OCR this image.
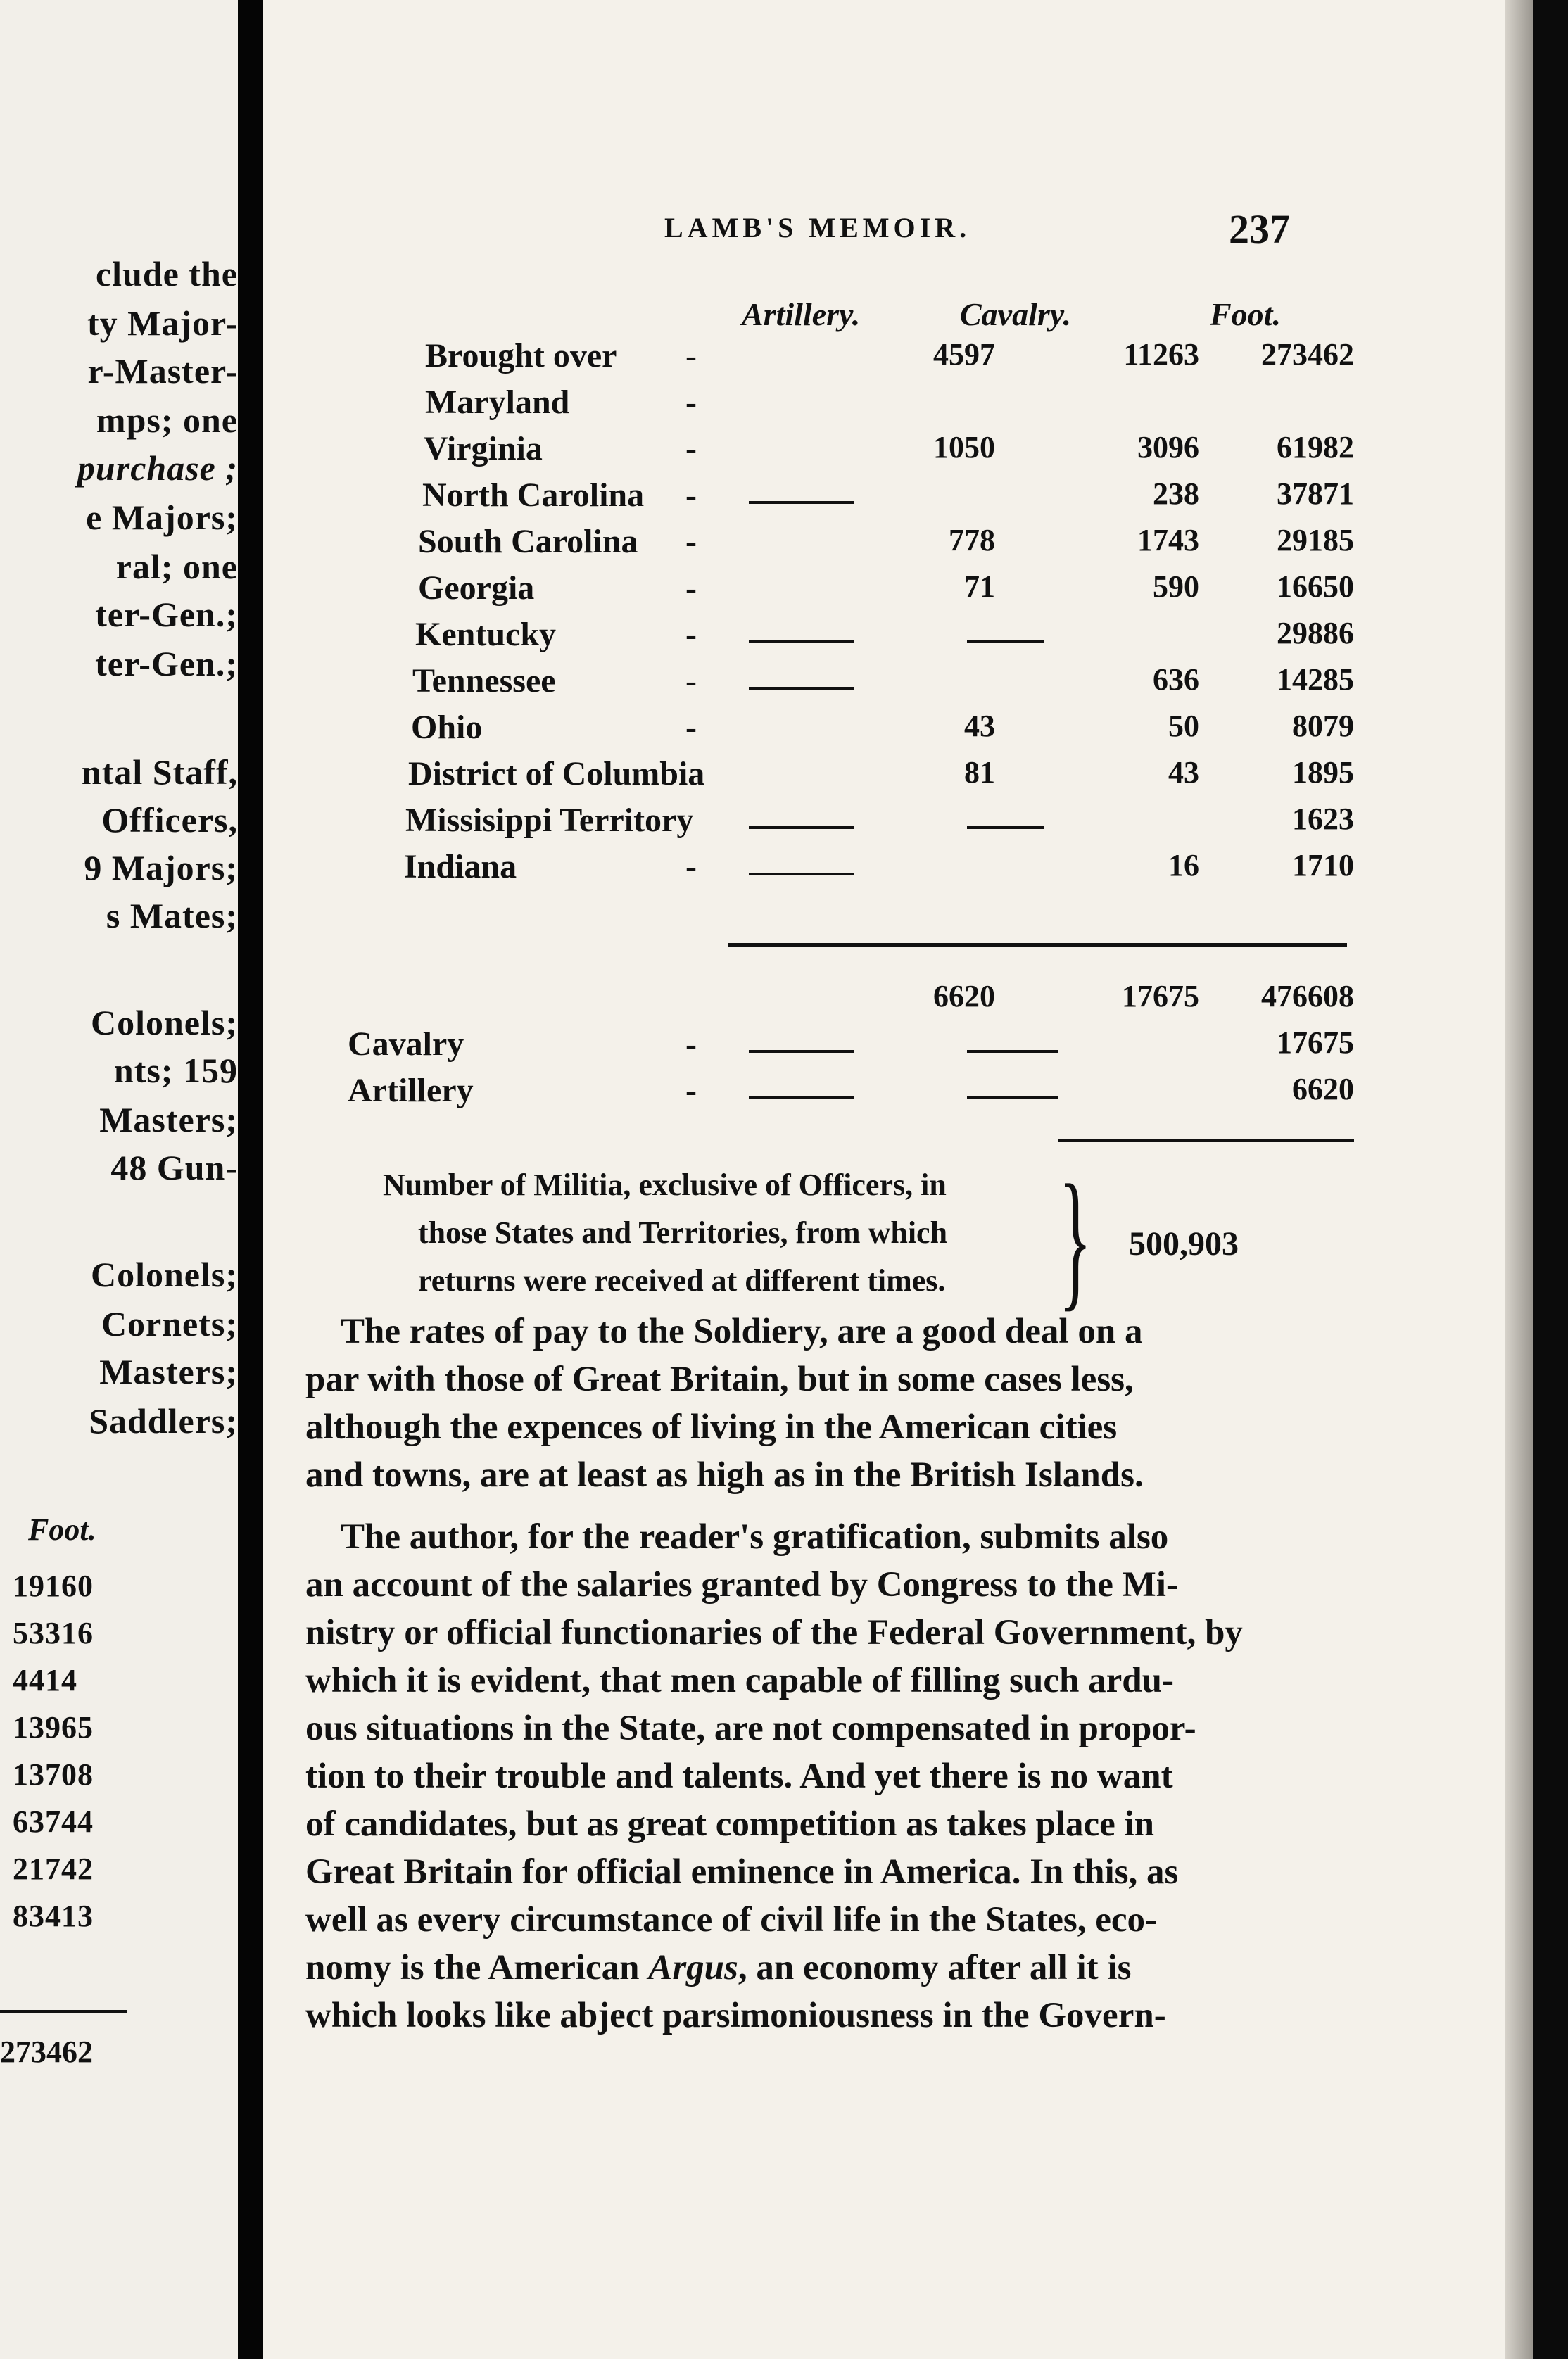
clude the
ty Major-
r-Master-
mps; one
purchase ;
e Majors;
ral; one
ter-Gen.;
ter-Gen.;
ntal Staff,
Officers,
9 Majors;
s Mates;
Colonels;
nts; 159
Masters;
48 Gun-
Colonels;
Cornets;
Masters;
Saddlers;
Foot.
19160
53316
4414
13965
13708
63744
21742
83413
273462
LAMB'S MEMOIR.	237
Artillery.	Cavalry.	Foot.
Brought over -	4597	11263	273462
Maryland	-
Virginia	-	1050	3096	61982
North Carolina -	238	37871
South Carolina -	778	1743	29185
Georgia	-	71	590	16650
Kentucky	-	29886
Tennessee	-	636	14285
Ohio	-	43	50	8079
District of Columbia	81	43	1895
Missisippi Territory	1623
Indiana	-	16	1710
6620	17675	476608
Cavalry	-	17675
Artillery	-	6620
Number of Militia, exclusive of Officers, in
those States and Territories, from which
returns were received at different times. } 500,903
The rates of pay to the Soldiery, are a good deal on a
par with those of Great Britain, but in some cases less,
although the expences of living in the American cities
and towns, are at least as high as in the British Islands.
The author, for the reader's gratification, submits also
an account of the salaries granted by Congress to the Mi-
nistry or official functionaries of the Federal Government, by
which it is evident, that men capable of filling such ardu-
ous situations in the State, are not compensated in propor-
tion to their trouble and talents. And yet there is no want
of candidates, but as great competition as takes place in
Great Britain for official eminence in America. In this, as
well as every circumstance of civil life in the States, eco-
nomy is the American Argus, an economy after all it is
which looks like abject parsimoniousness in the Govern-
